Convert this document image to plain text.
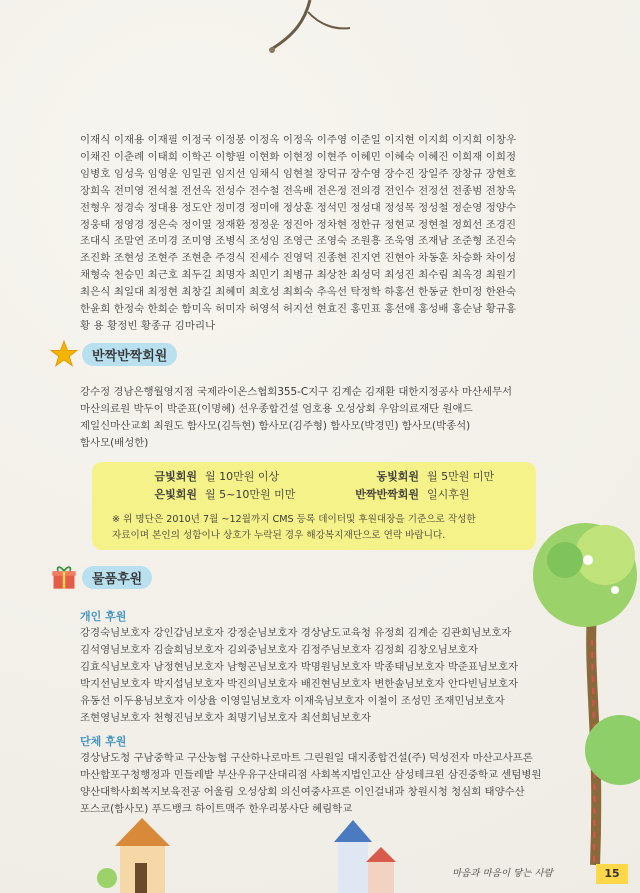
이재식 이재용 이재필 이정국 이정봉 이정옥 이정옥 이주영 이준일 이지현 이지희 이지희 이창우

이채진 이춘례 이태희 이학곤 이향필 이현화 이현정 이현주 이혜민 이혜숙 이혜진 이희재 이희정

임병호 임성욱 임영운 임일권 임지선 임채식 임현철 장덕규 장수영 장수진 장일주 장창규 장현호

장희옥 전미영 전석철 전선옥 전성수 전수철 전옥배 전은정 전의경 전인수 전정선 전종범 전창욱

전형우 정경숙 정대용 정도안 정미경 정미애 정상훈 정석민 정성대 정성목 정성철 정순영 정양수

정웅태 정영경 정은숙 정이열 정재환 정정운 정진아 정차현 정한규 정현교 정현철 정희선 조경진

조대식 조말연 조미경 조미영 조병식 조성임 조영근 조영숙 조원흥 조욱영 조재남 조준형 조진숙

조진화 조현성 조현주 조현춘 주경식 진세수 진영덕 진종현 진지연 진현아 차동훈 차승화 차이성

채형숙 천승민 최근호 최두길 최명자 최민기 최병규 최상찬 최성덕 최성진 최수림 최옥경 최원기

최은식 최일대 최정현 최창길 최혜미 최호성 최회숙 추옥선 탁정학 하홍선 한동균 한미정 한완숙

한윤희 한정숙 한희순 함미옥 허미자 허영석 허지선 현효진 홍민표 홍선애 홍성배 홍순남 황규홍

황 용 황정빈 황종규 김마리나

반짝반짝회원

강수정 경남은행월영지점 국제라이온스협회355-C지구 김계순 김재환 대한지정공사 마산세무서

마산의료원 박두이 박준표(이명혜) 선우종합건설 엄호용 오성상회 우암의료재단 원애드

제일신마산교회 최원도 함사모(김득현) 함사모(김주형) 함사모(박경민) 함사모(박종석)

함사모(배성한)

금빛회원 월 10만원 이상	동빛회원 월 5만원 미만
은빛회원 월 5~10만원 미만	반짝반짝회원 일시후원

※ 위 명단은 2010년 7월 ~12월까지 CMS 등록 데이터및 후원대장을 기준으로 작성한

자료이며 본인의 성함이나 상호가 누락된 경우 해강복지재단으로 연락 바랍니다.

물품후원

개인 후원

강경숙님보호자 강인갑님보호자 강정순님보호자 경상남도교육청 유정희 김계순 김관희님보호자

김석영님보호자 김술희님보호자 김외중님보호자 김정주님보호자 김정희 김창오님보호자

김효식님보호자 남정현님보호자 남형곤님보호자 박명원님보호자 박종태님보호자 박준표님보호자

박지선님보호자 박지섭님보호자 박진의님보호자 배진현님보호자 변한솔님보호자 안다빈님보호자

유동선 이두용님보호자 이상율 이영일님보호자 이재욱님보호자 이철이 조성민 조재민님보호자

조현영님보호자 천형진님보호자 최명기님보호자 최선희님보호자

단체 후원

경상남도청 구남중학교 구산농협 구산하나로마트 그린원일 대지종합건설(주) 덕성전자 마산고사프론

마산합포구청행정과 민들레밭 부산우유구산대리점 사회복지법인고산 삼성테크윈 삼진중학교 센텀병원

양산대학사회복지보육전공 어울림 오성상회 의신여중사프론 이인걸내과 창원시청 청심회 태양수산

포스코(함사모) 푸드뱅크 하이트맥주 한우리봉사단 혜림학교

마음과 마음이 닿는 사람	15
